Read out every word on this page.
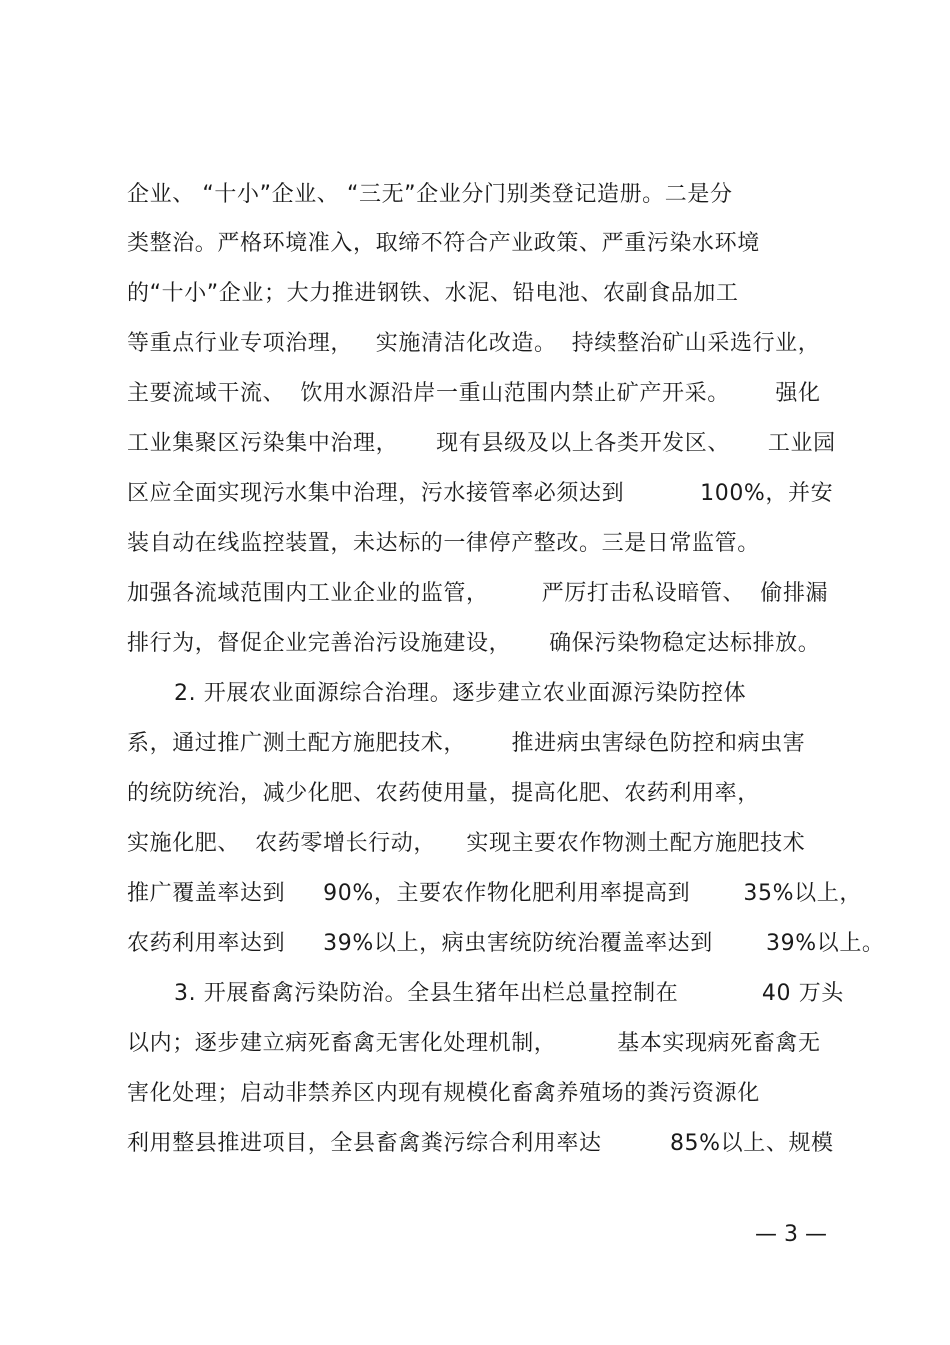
企业、 “十小”企业、 “三无”企业分门别类登记造册。二是分
类整治。严格环境准入，取缔不符合产业政策、严重污染水环境
的“十小”企业；大力推进钢铁、水泥、铅电池、农副食品加工
等重点行业专项治理，   实施清洁化改造。  持续整治矿山采选行业，
主要流域干流、  饮用水源沿岸一重山范围内禁止矿产开采。      强化
工业集聚区污染集中治理，     现有县级及以上各类开发区、     工业园
区应全面实现污水集中治理，污水接管率必须达到          100%，并安
装自动在线监控装置，未达标的一律停产整改。三是日常监管。
加强各流域范围内工业企业的监管，       严厉打击私设暗管、  偷排漏
排行为，督促企业完善治污设施建设，     确保污染物稳定达标排放。
2. 开展农业面源综合治理。逐步建立农业面源污染防控体
系，通过推广测土配方施肥技术，      推进病虫害绿色防控和病虫害
的统防统治，减少化肥、农药使用量，提高化肥、农药利用率，
实施化肥、  农药零增长行动，    实现主要农作物测土配方施肥技术
推广覆盖率达到     90%，主要农作物化肥利用率提高到       35%以上，
农药利用率达到     39%以上，病虫害统防统治覆盖率达到       39%以上。
3. 开展畜禽污染防治。全县生猪年出栏总量控制在           40 万头
以内；逐步建立病死畜禽无害化处理机制，        基本实现病死畜禽无
害化处理；启动非禁养区内现有规模化畜禽养殖场的粪污资源化
利用整县推进项目，全县畜禽粪污综合利用率达         85%以上、规模
— 3 —
